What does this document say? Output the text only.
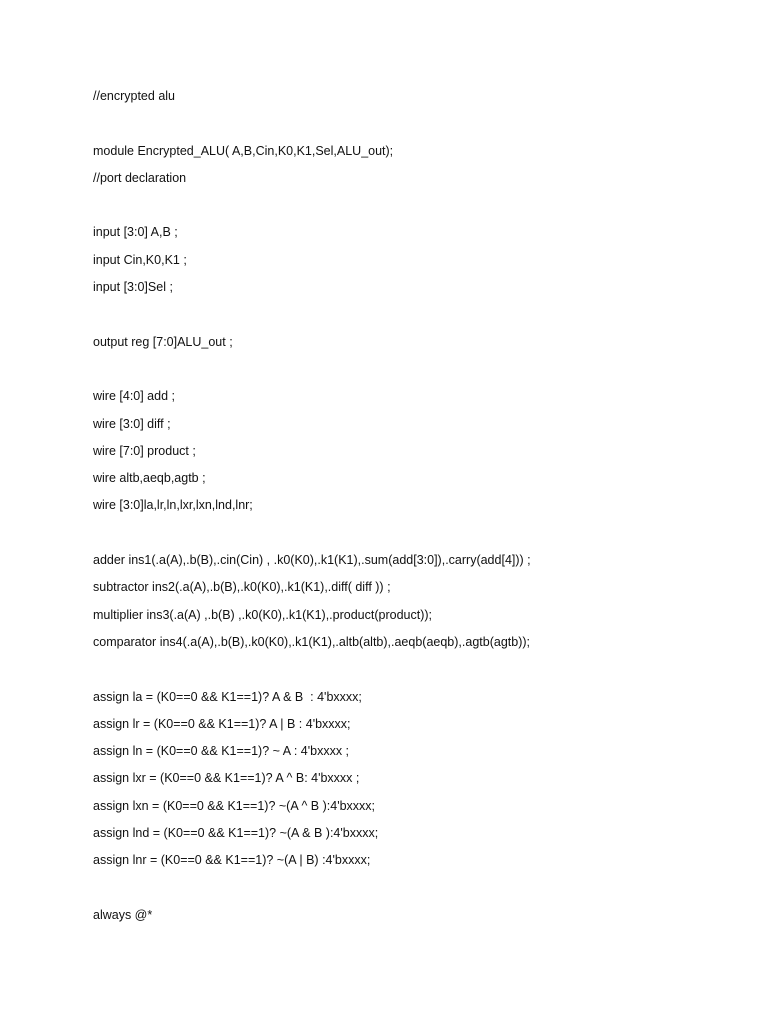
//encrypted alu
module Encrypted_ALU( A,B,Cin,K0,K1,Sel,ALU_out);
//port declaration
input [3:0] A,B ;
input Cin,K0,K1 ;
input [3:0]Sel ;
output reg [7:0]ALU_out ;
wire [4:0] add ;
wire [3:0] diff ;
wire [7:0] product ;
wire altb,aeqb,agtb ;
wire [3:0]la,lr,ln,lxr,lxn,lnd,lnr;
adder ins1(.a(A),.b(B),.cin(Cin) , .k0(K0),.k1(K1),.sum(add[3:0]),.carry(add[4])) ;
subtractor ins2(.a(A),.b(B),.k0(K0),.k1(K1),.diff( diff )) ;
multiplier ins3(.a(A) ,.b(B) ,.k0(K0),.k1(K1),.product(product));
comparator ins4(.a(A),.b(B),.k0(K0),.k1(K1),.altb(altb),.aeqb(aeqb),.agtb(agtb));
assign la = (K0==0 && K1==1)? A & B  : 4'bxxxx;
assign lr = (K0==0 && K1==1)? A | B : 4'bxxxx;
assign ln = (K0==0 && K1==1)? ~ A : 4'bxxxx ;
assign lxr = (K0==0 && K1==1)? A ^ B: 4'bxxxx ;
assign lxn = (K0==0 && K1==1)? ~(A ^ B ):4'bxxxx;
assign lnd = (K0==0 && K1==1)? ~(A & B ):4'bxxxx;
assign lnr = (K0==0 && K1==1)? ~(A | B) :4'bxxxx;
always @*
